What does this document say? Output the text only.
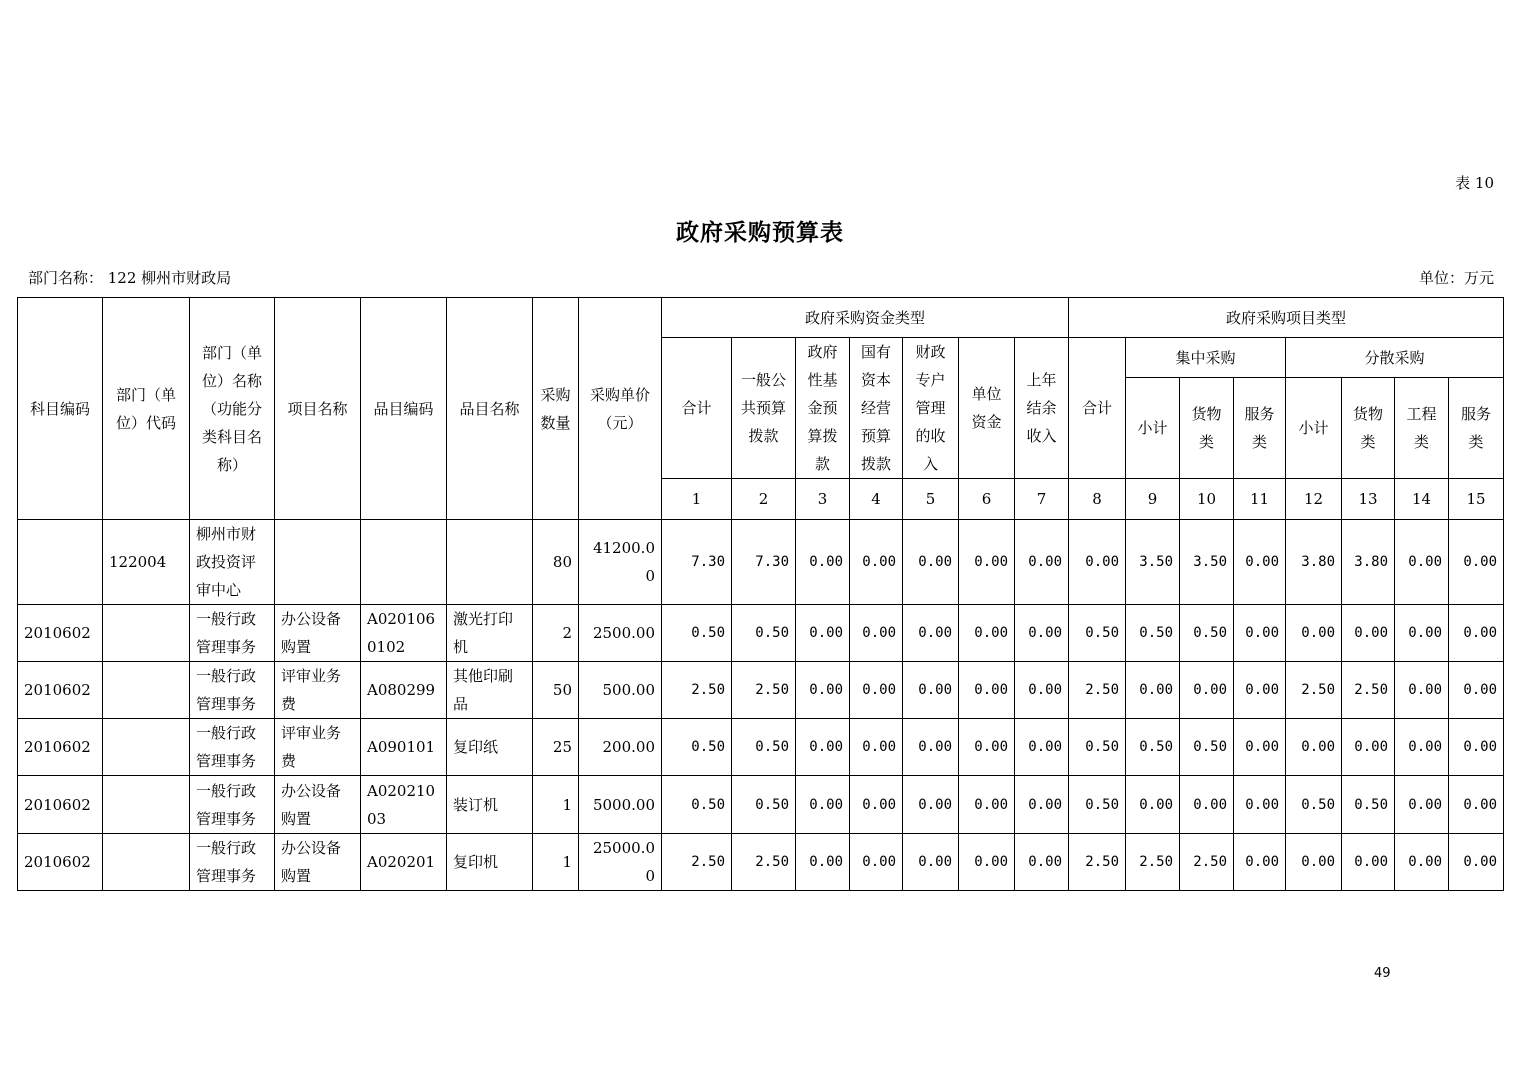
表 10
政府采购预算表
部门名称： 122 柳州市财政局	单位：万元
科目编码	部门（单位）代码	部门（单位）名称（功能分类科目名称）	项目名称	品目编码	品目名称	采购数量	采购单价（元）	政府采购资金类型							政府采购项目类型							
								合计	一般公共预算拨款	政府性基金预算拨款	国有资本经营预算拨款	财政专户管理的收入	单位资金	上年结余收入	合计	集中采购			分散采购			
																小计	货物类	服务类	小计	货物类	工程类	服务类
								1	2	3	4	5	6	7	8	9	10	11	12	13	14	15
	122004	柳州市财政投资评审中心				80	41200.00	7.30	7.30	0.00	0.00	0.00	0.00	0.00	0.00	3.50	3.50	0.00	3.80	3.80	0.00	0.00
2010602		一般行政管理事务	办公设备购置	A0201060102	激光打印机	2	2500.00	0.50	0.50	0.00	0.00	0.00	0.00	0.00	0.50	0.50	0.50	0.00	0.00	0.00	0.00	0.00
2010602		一般行政管理事务	评审业务费	A080299	其他印刷品	50	500.00	2.50	2.50	0.00	0.00	0.00	0.00	0.00	2.50	0.00	0.00	0.00	2.50	2.50	0.00	0.00
2010602		一般行政管理事务	评审业务费	A090101	复印纸	25	200.00	0.50	0.50	0.00	0.00	0.00	0.00	0.00	0.50	0.50	0.50	0.00	0.00	0.00	0.00	0.00
2010602		一般行政管理事务	办公设备购置	A02021003	装订机	1	5000.00	0.50	0.50	0.00	0.00	0.00	0.00	0.00	0.50	0.00	0.00	0.00	0.50	0.50	0.00	0.00
2010602		一般行政管理事务	办公设备购置	A020201	复印机	1	25000.00	2.50	2.50	0.00	0.00	0.00	0.00	0.00	2.50	2.50	2.50	0.00	0.00	0.00	0.00	0.00
49
